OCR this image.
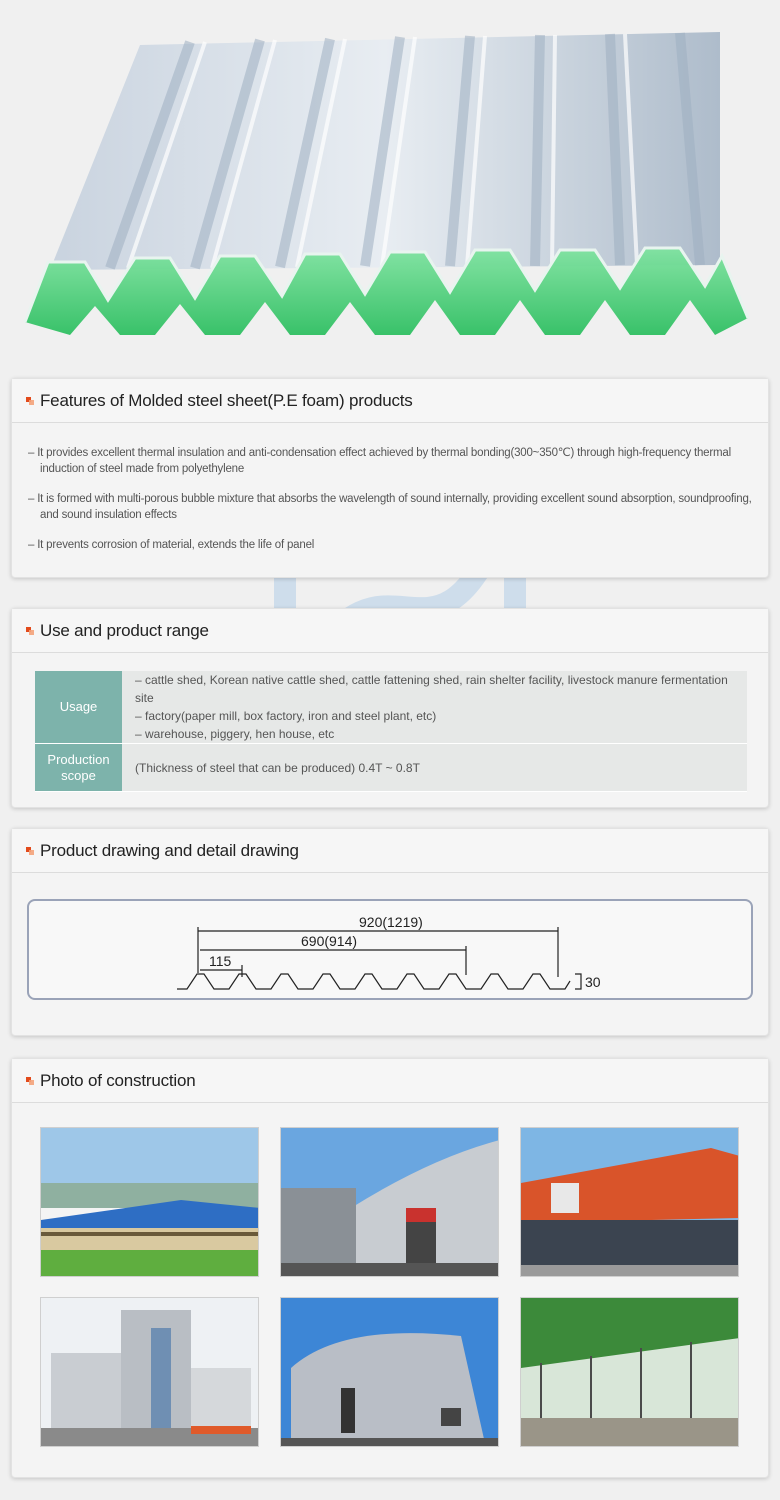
Features of Molded steel sheet(P.E foam) products

– It provides excellent thermal insulation and anti-condensation effect achieved by thermal bonding(300~350℃) through high-frequency thermal induction of steel made from polyethylene

– It is formed with multi-porous bubble mixture that absorbs the wavelength of sound internally, providing excellent sound absorption, soundproofing, and sound insulation effects

– It prevents corrosion of material, extends the life of panel

Use and product range
Usage	– cattle shed, Korean native cattle shed, cattle fattening shed, rain shelter facility, livestock manure fermentation site
– factory(paper mill, box factory, iron and steel plant, etc)
– warehouse, piggery, hen house, etc

Production
scope	(Thickness of steel that can be produced) 0.4T ~ 0.8T
Product drawing and detail drawing
920(1219)
690(914)
115
30
Photo of construction
